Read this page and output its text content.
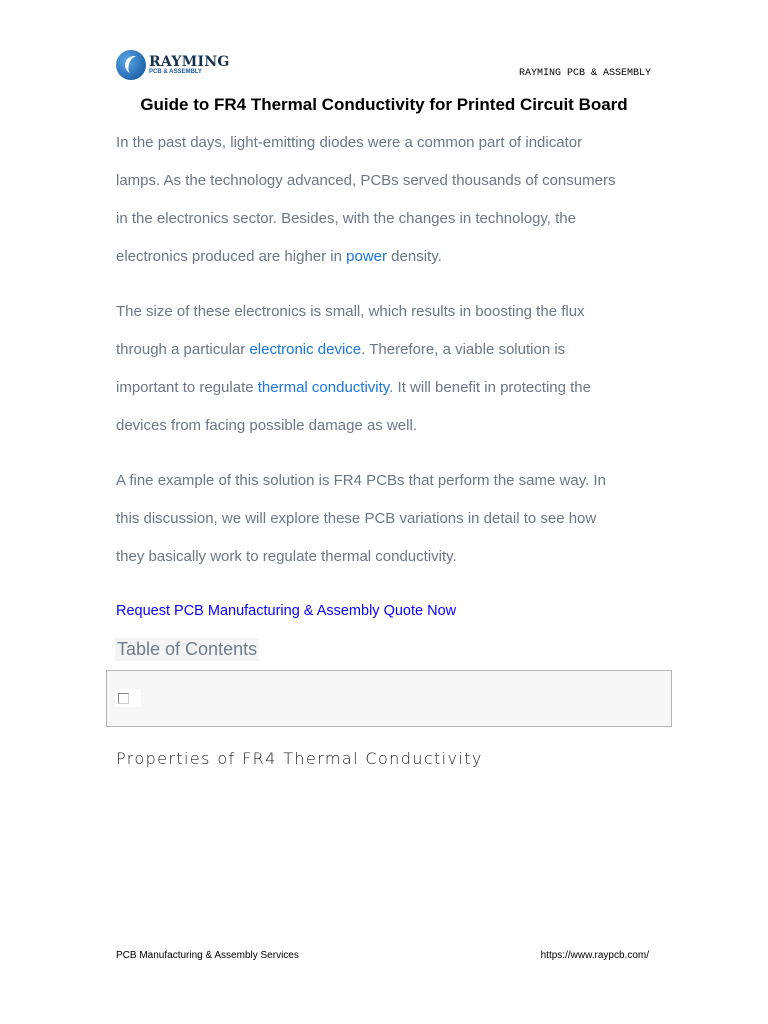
RAYMING
PCB & ASSEMBLY	RAYMING PCB & ASSEMBLY
Guide to FR4 Thermal Conductivity for Printed Circuit Board
In the past days, light-emitting diodes were a common part of indicator
lamps. As the technology advanced, PCBs served thousands of consumers
in the electronics sector. Besides, with the changes in technology, the
electronics produced are higher in power density.
The size of these electronics is small, which results in boosting the flux
through a particular electronic device. Therefore, a viable solution is
important to regulate thermal conductivity. It will benefit in protecting the
devices from facing possible damage as well.
A fine example of this solution is FR4 PCBs that perform the same way. In
this discussion, we will explore these PCB variations in detail to see how
they basically work to regulate thermal conductivity.
Request PCB Manufacturing & Assembly Quote Now
Table of Contents
Properties of FR4 Thermal Conductivity
PCB Manufacturing & Assembly Services	https://www.raypcb.com/
